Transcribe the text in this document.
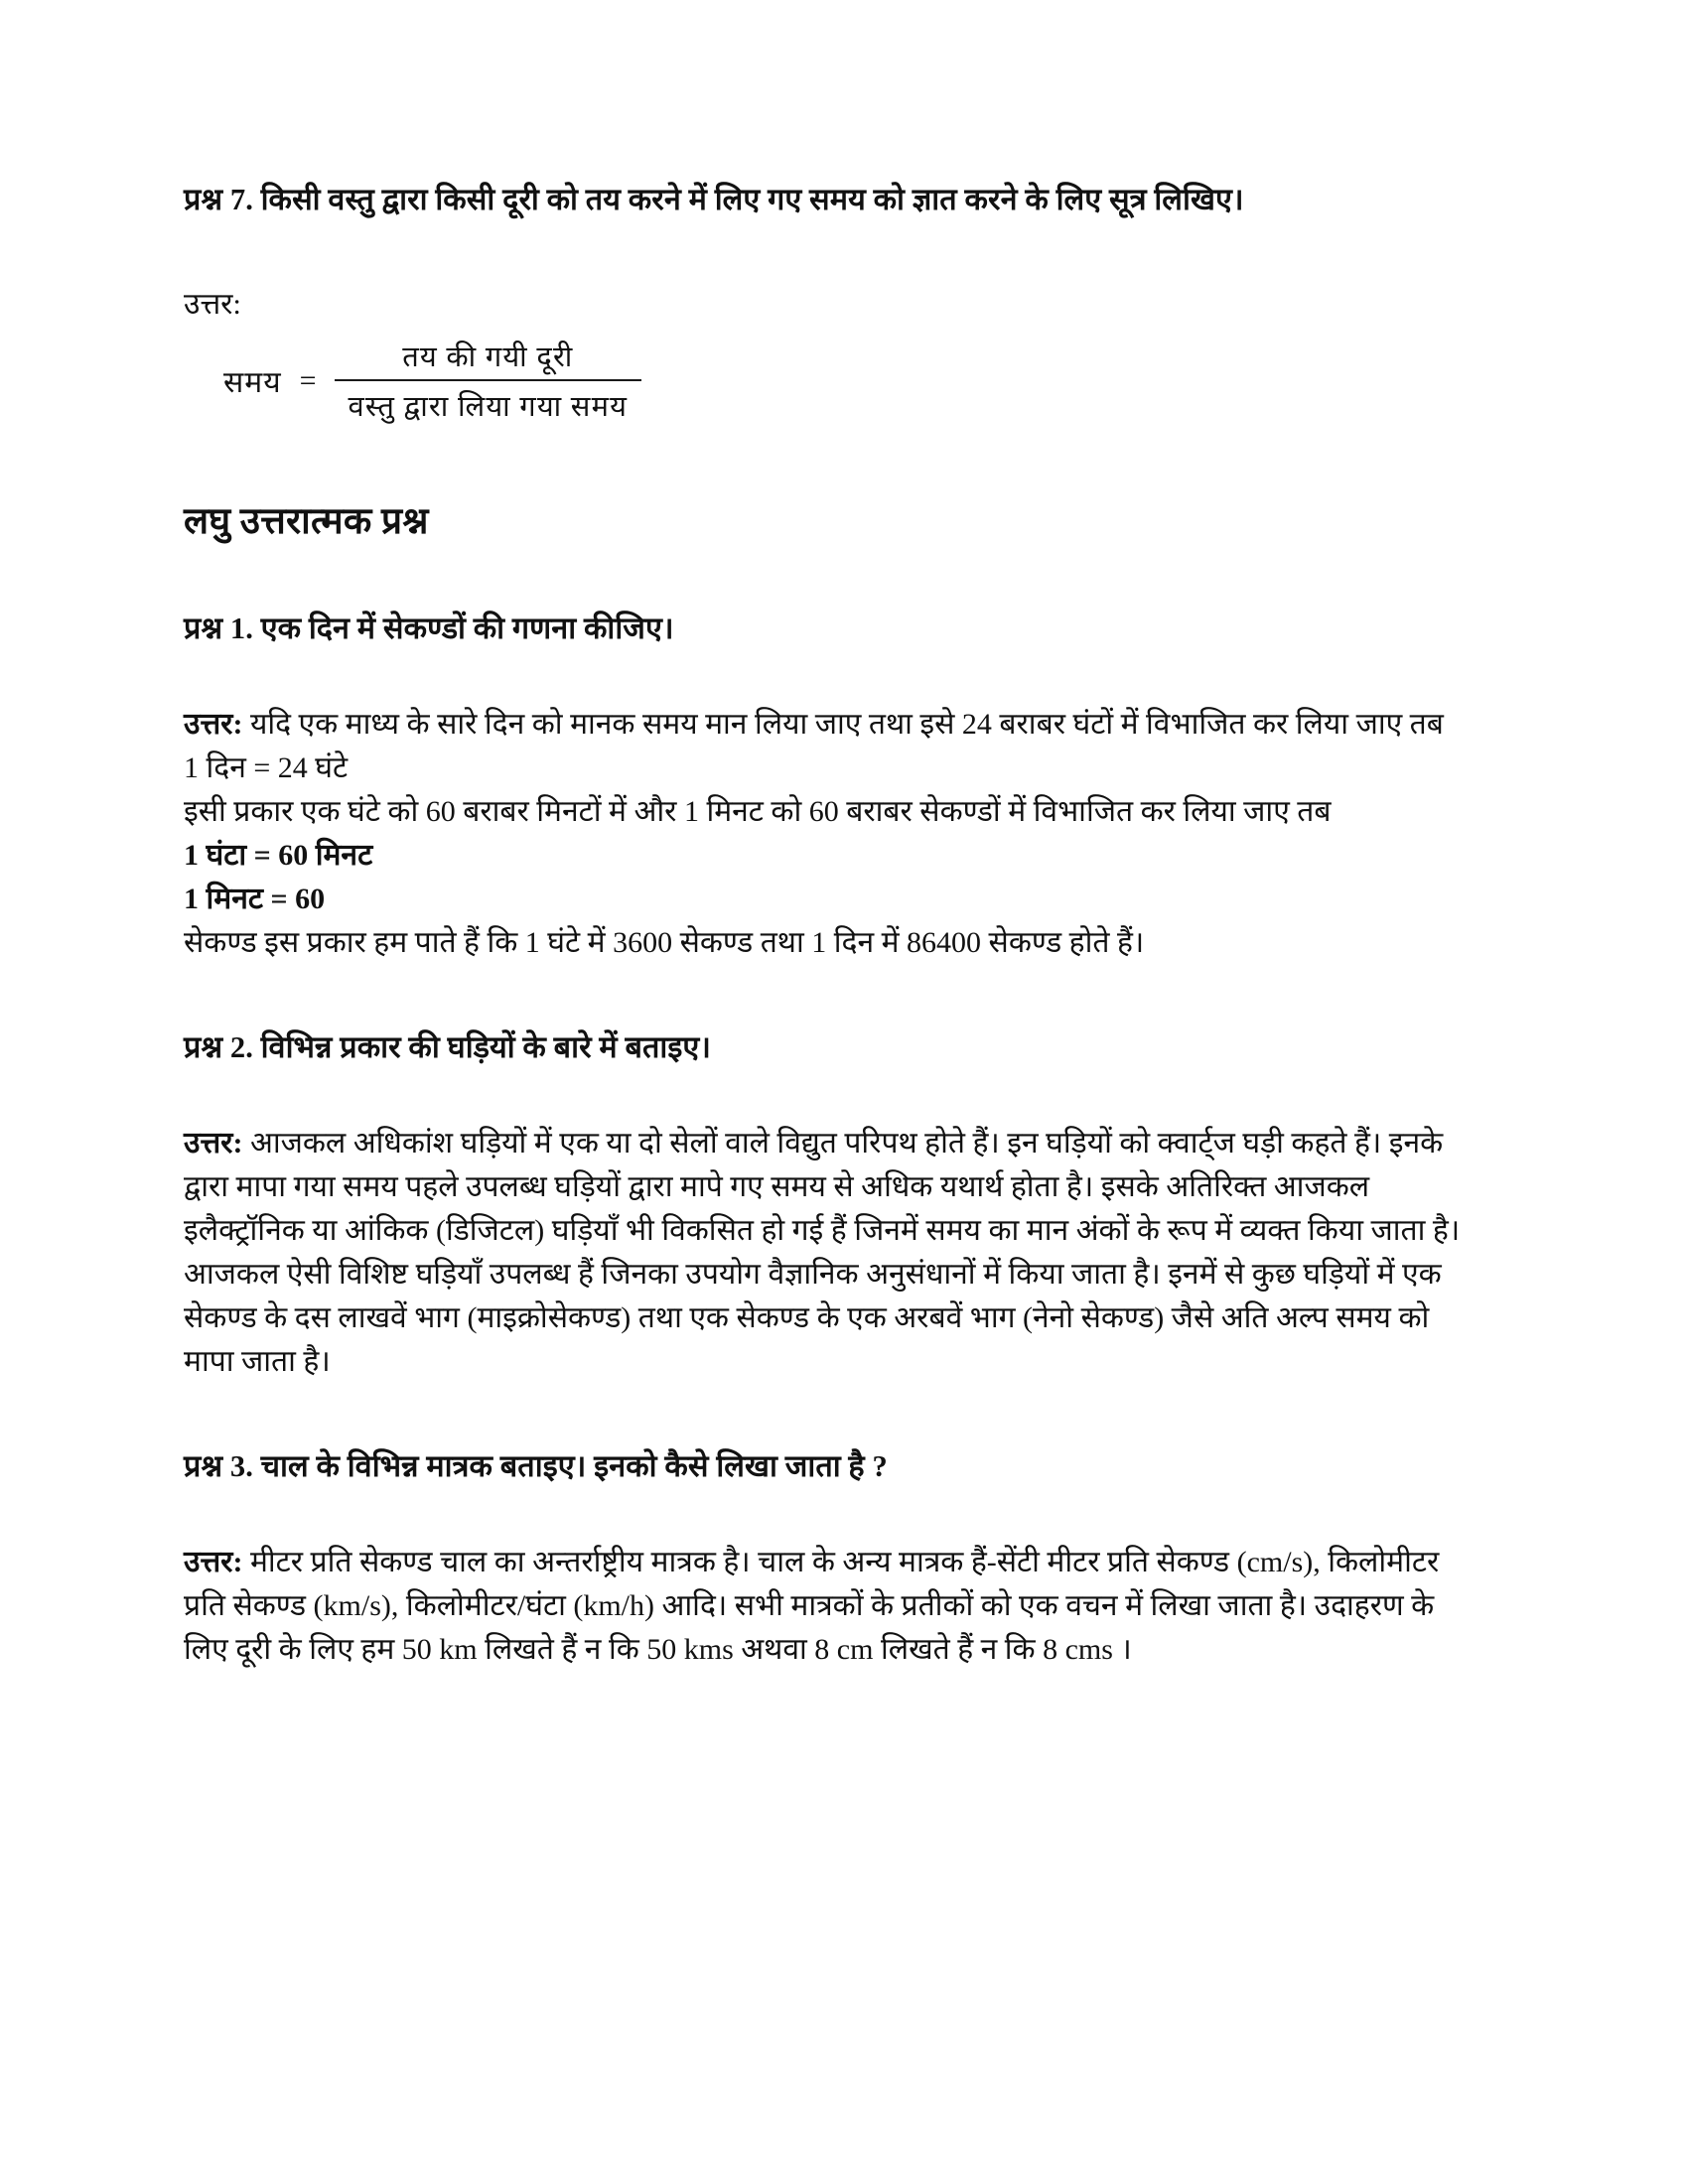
प्रश्न 7. किसी वस्तु द्वारा किसी दूरी को तय करने में लिए गए समय को ज्ञात करने के लिए सूत्र लिखिए।

उत्तर:

समय = $\frac{\text{तय की गयी दूरी}}{\text{वस्तु द्वारा लिया गया समय}}$

लघु उत्तरात्मक प्रश्न

प्रश्न 1. एक दिन में सेकण्डों की गणना कीजिए।

उत्तर: यदि एक माध्य के सारे दिन को मानक समय मान लिया जाए तथा इसे 24 बराबर घंटों में विभाजित कर लिया जाए तब 1 दिन = 24 घंटे

इसी प्रकार एक घंटे को 60 बराबर मिनटों में और 1 मिनट को 60 बराबर सेकण्डों में विभाजित कर लिया जाए तब

1 घंटा = 60 मिनट

1 मिनट = 60

सेकण्ड इस प्रकार हम पाते हैं कि 1 घंटे में 3600 सेकण्ड तथा 1 दिन में 86400 सेकण्ड होते हैं।

प्रश्न 2. विभिन्न प्रकार की घड़ियों के बारे में बताइए।

उत्तर: आजकल अधिकांश घड़ियों में एक या दो सेलों वाले विद्युत परिपथ होते हैं। इन घड़ियों को क्वार्ट्ज घड़ी कहते हैं। इनके द्वारा मापा गया समय पहले उपलब्ध घड़ियों द्वारा मापे गए समय से अधिक यथार्थ होता है। इसके अतिरिक्त आजकल इलैक्ट्रॉनिक या आंकिक (डिजिटल) घड़ियाँ भी विकसित हो गई हैं जिनमें समय का मान अंकों के रूप में व्यक्त किया जाता है। आजकल ऐसी विशिष्ट घड़ियाँ उपलब्ध हैं जिनका उपयोग वैज्ञानिक अनुसंधानों में किया जाता है। इनमें से कुछ घड़ियों में एक सेकण्ड के दस लाखवें भाग (माइक्रोसेकण्ड) तथा एक सेकण्ड के एक अरबवें भाग (नेनो सेकण्ड) जैसे अति अल्प समय को मापा जाता है।

प्रश्न 3. चाल के विभिन्न मात्रक बताइए। इनको कैसे लिखा जाता है ?

उत्तर: मीटर प्रति सेकण्ड चाल का अन्तर्राष्ट्रीय मात्रक है। चाल के अन्य मात्रक हैं-सेंटी मीटर प्रति सेकण्ड (cm/s), किलोमीटर प्रति सेकण्ड (km/s), किलोमीटर/घंटा (km/h) आदि। सभी मात्रकों के प्रतीकों को एक वचन में लिखा जाता है। उदाहरण के लिए दूरी के लिए हम 50 km लिखते हैं न कि 50 kms अथवा 8 cm लिखते हैं न कि 8 cms ।
